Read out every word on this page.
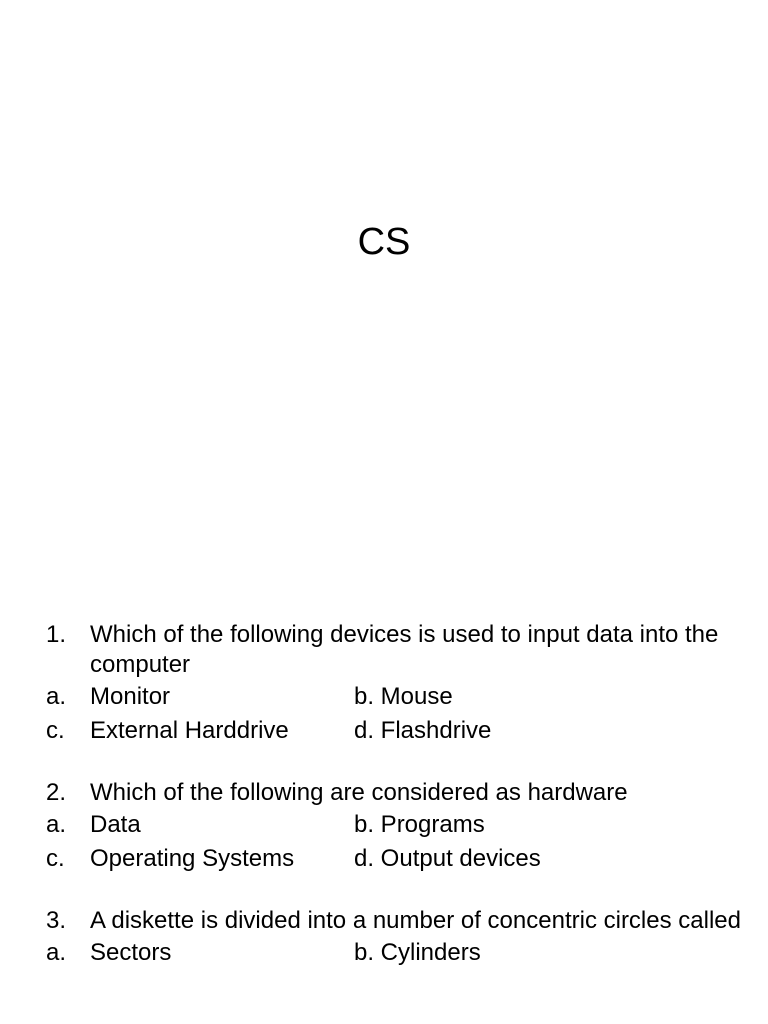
CS
1. Which of the following devices is used to input data into the computer
a. Monitor	b. Mouse
c. External Harddrive	d. Flashdrive
2. Which of the following are considered as hardware
a. Data	b. Programs
c. Operating Systems d. Output devices
3. A diskette is divided into a number of concentric circles called
a. Sectors	b. Cylinders
